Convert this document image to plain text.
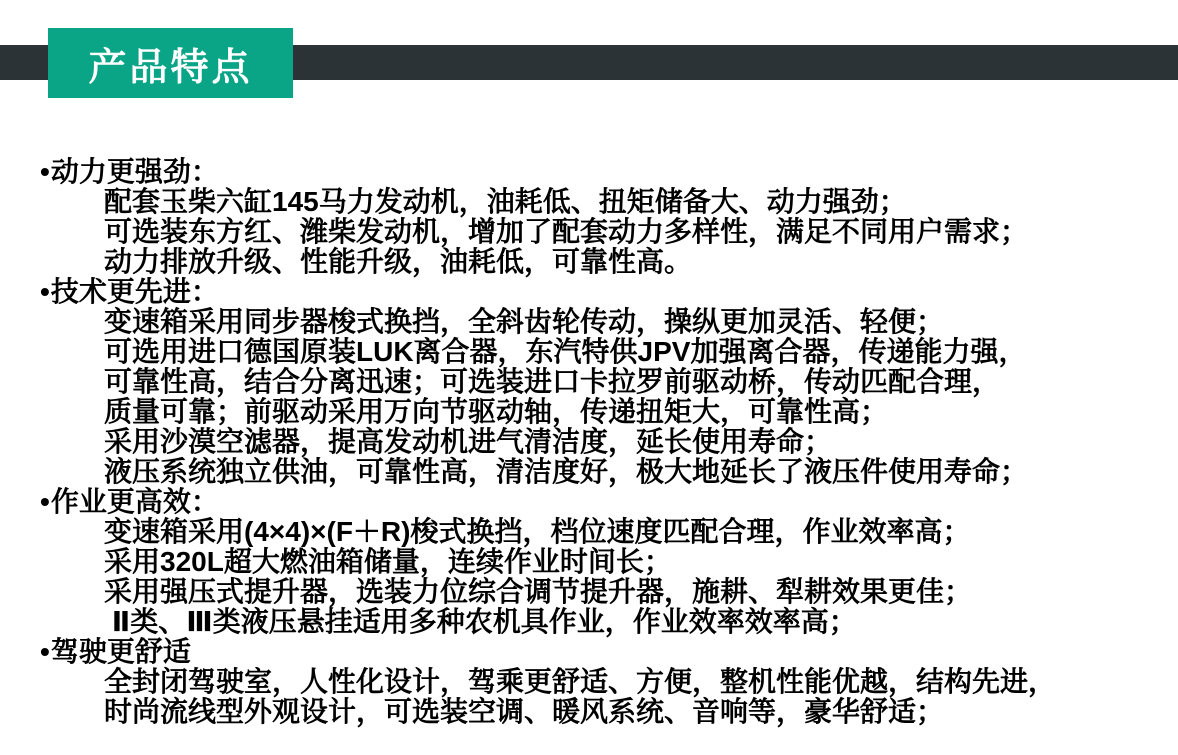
产品特点
•动力更强劲：
配套玉柴六缸145马力发动机，油耗低、扭矩储备大、动力强劲；
可选装东方红、潍柴发动机，增加了配套动力多样性，满足不同用户需求；
动力排放升级、性能升级，油耗低，可靠性高。
•技术更先进：
变速箱采用同步器梭式换挡，全斜齿轮传动，操纵更加灵活、轻便；
可选用进口德国原装LUK离合器，东汽特供JPV加强离合器，传递能力强，
可靠性高，结合分离迅速；可选装进口卡拉罗前驱动桥，传动匹配合理，
质量可靠；前驱动采用万向节驱动轴，传递扭矩大，可靠性高；
采用沙漠空滤器，提高发动机进气清洁度，延长使用寿命；
液压系统独立供油，可靠性高，清洁度好，极大地延长了液压件使用寿命；
•作业更高效：
变速箱采用(4×4)×(F＋R)梭式换挡，档位速度匹配合理，作业效率高；
采用320L超大燃油箱储量，连续作业时间长；
采用强压式提升器，选装力位综合调节提升器，施耕、犁耕效果更佳；
Ⅱ类、Ⅲ类液压悬挂适用多种农机具作业，作业效率效率高；
•驾驶更舒适
全封闭驾驶室，人性化设计，驾乘更舒适、方便，整机性能优越，结构先进，
时尚流线型外观设计，可选装空调、暖风系统、音响等，豪华舒适；
